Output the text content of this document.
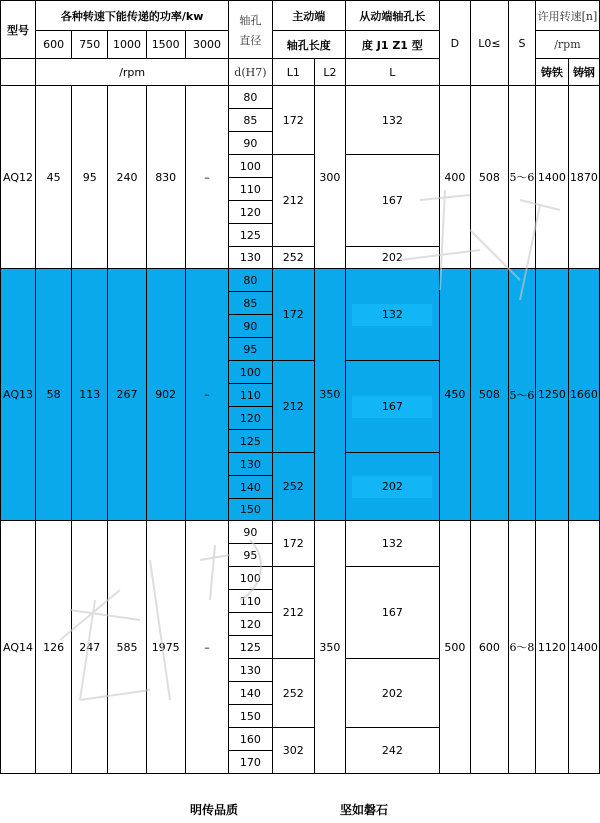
型号	各种转速下能传递的功率/kw					轴孔
直径	主动端		从动端轴孔长	D	L0≤	S	许用转速[n]	
	600	750	1000	1500	3000		轴孔长度		度 J1 Z1 型				/rpm	
	/rpm					d(H7)	L1	L2	L				铸铁	铸钢
AQ12	45	95	240	830	–	80	172	300	132	400	508	5～6	1400	1870
						85								
						90								
						100	212		167					
						110								
						120								
						125								
						130	252		202					
AQ13	58	113	267	902	–	80	172	350	132	450	508	5～6	1250	1660
						85								
						90								
						95								
						100	212		167					
						110								
						120								
						125								
						130	252		202					
						140								
						150								
AQ14	126	247	585	1975	–	90	172	350	132	500	600	6～8	1120	1400
						95								
						100	212		167					
						110								
						120								
						125								
						130	252		202					
						140								
						150								
						160	302		242					
						170								
明传品质	坚如磐石
